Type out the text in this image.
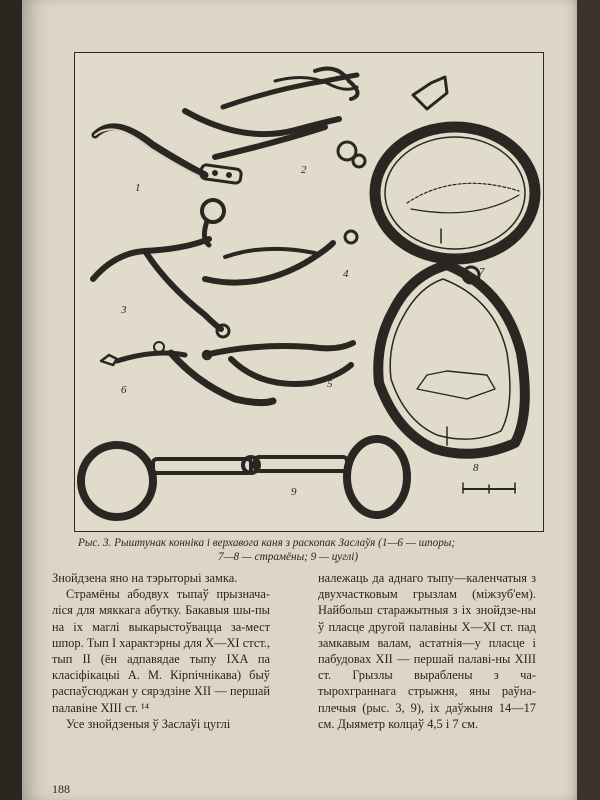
1
2
3
4
5
6
7
8
9
Рыс. 3. Рыштунак конніка і верхавога каня з раскопак Заслаўя (1—6 — шпоры;
7—8 — страмёны; 9 — цуглі)

Знойдзена яно на тэрыторыі замка.

Страмёны абодвух тыпаў прызнача-ліся для мяккага абутку. Бакавыя шы-пы на іх маглі выкарыстоўвацца за-мест шпор. Тып I характэрны для X—XI стст., тып II (ён адпавядае тыпу IXA па класіфікацыі А. М. Кірпічнікава) быў распаўсюджан у сярэдзіне XII — першай палавіне XIII ст. ¹⁴

Усе знойдзеныя ў Заслаўі цуглі

належаць да аднаго тыпу—каленчатыя з двухчастковым грызлам (міжзуб'ем). Найбольш старажытныя з іх знойдзе-ны ў пласце другой палавіны X—XI ст. пад замкавым валам, астатнія—у пласце і пабудовах XII — першай палаві-ны XIII ст. Грызлы выраблены з ча-тырохграннага стрыжня, яны раўна-плечыя (рыс. 3, 9), іх даўжыня 14—17 см. Дыяметр колцаў 4,5 і 7 см.

188
